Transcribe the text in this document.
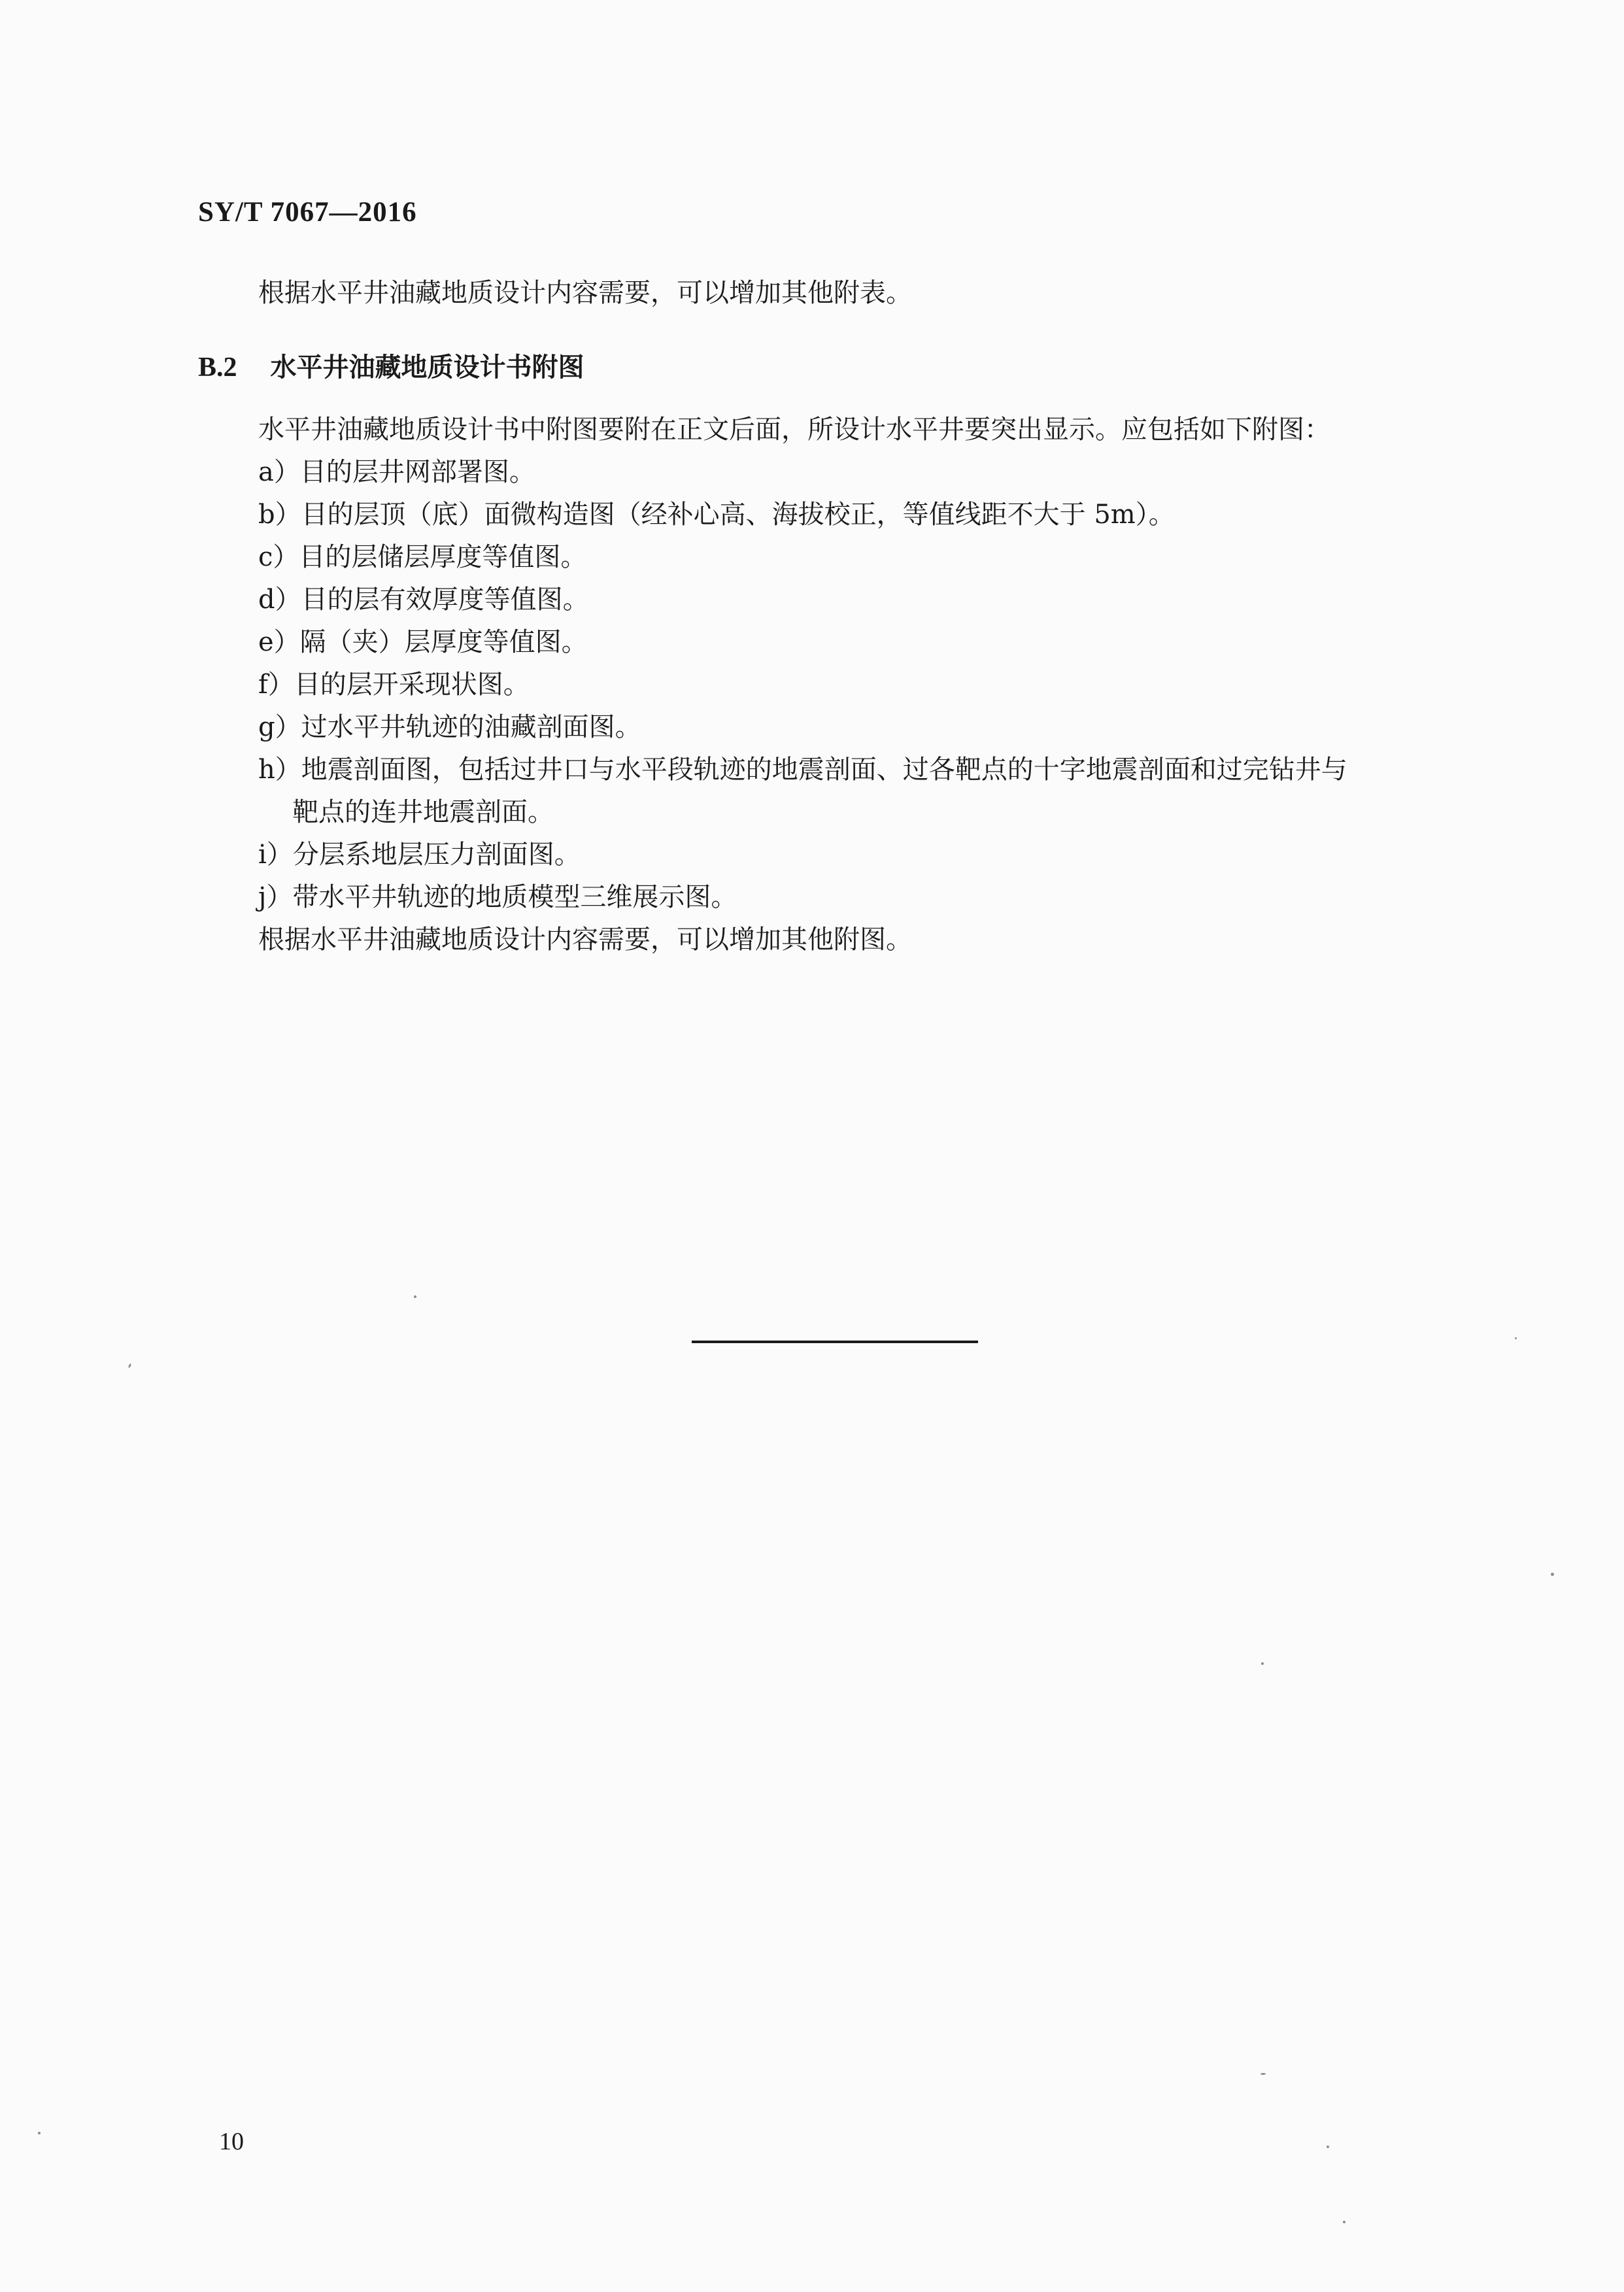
SY/T 7067—2016
根据水平井油藏地质设计内容需要，可以增加其他附表。
B.2 水平井油藏地质设计书附图
水平井油藏地质设计书中附图要附在正文后面，所设计水平井要突出显示。应包括如下附图：
a）目的层井网部署图。
b）目的层顶（底）面微构造图（经补心高、海拔校正，等值线距不大于 5m）。
c）目的层储层厚度等值图。
d）目的层有效厚度等值图。
e）隔（夹）层厚度等值图。
f）目的层开采现状图。
g）过水平井轨迹的油藏剖面图。
h）地震剖面图，包括过井口与水平段轨迹的地震剖面、过各靶点的十字地震剖面和过完钻井与
靶点的连井地震剖面。
i）分层系地层压力剖面图。
j）带水平井轨迹的地质模型三维展示图。
根据水平井油藏地质设计内容需要，可以增加其他附图。
10
